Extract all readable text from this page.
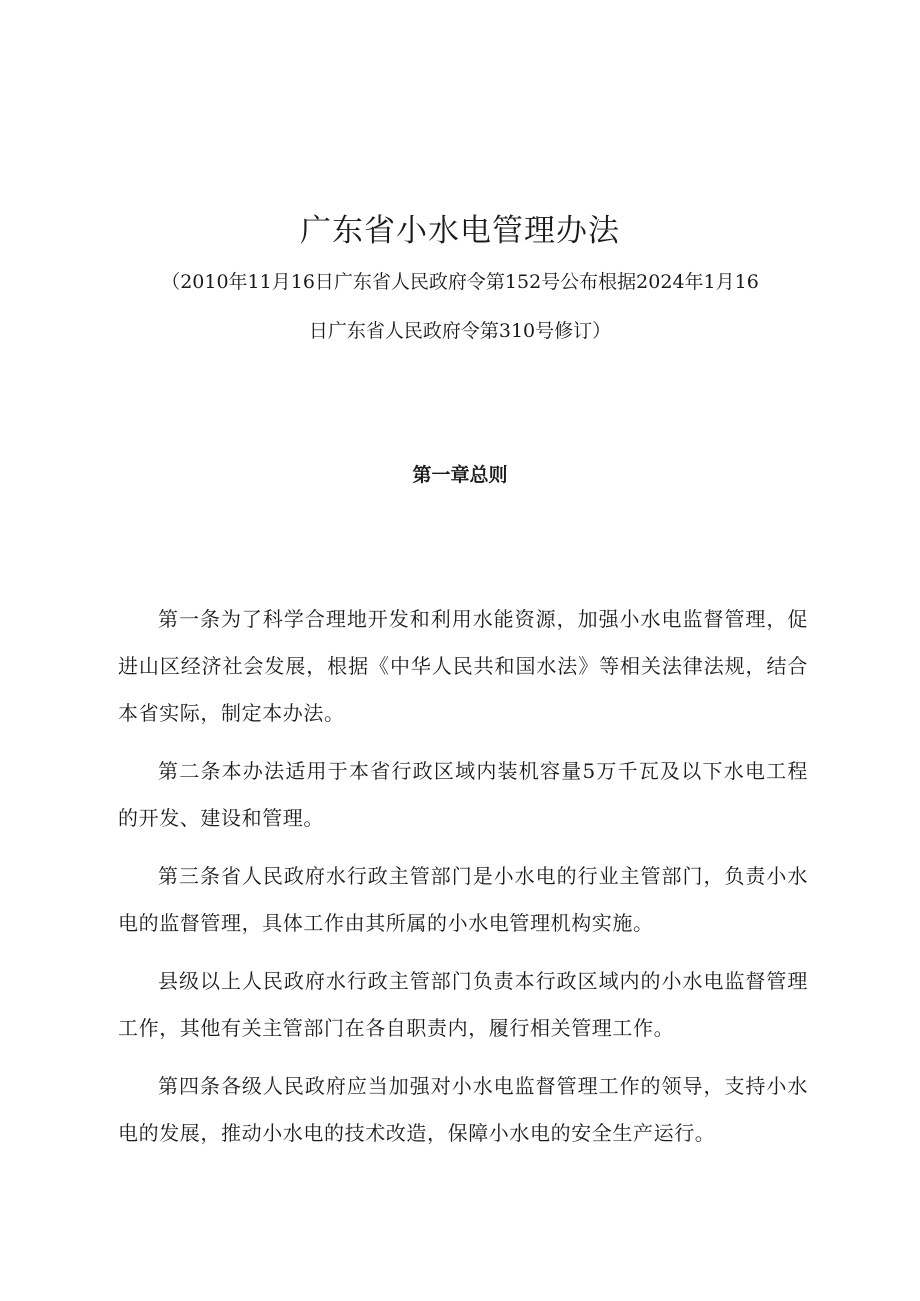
广东省小水电管理办法

（2010年11月16日广东省人民政府令第152号公布根据2024年1月16

日广东省人民政府令第310号修订）

第一章总则

第一条为了科学合理地开发和利用水能资源，加强小水电监督管理，促进山区经济社会发展，根据《中华人民共和国水法》等相关法律法规，结合本省实际，制定本办法。

第二条本办法适用于本省行政区域内装机容量5万千瓦及以下水电工程的开发、建设和管理。

第三条省人民政府水行政主管部门是小水电的行业主管部门，负责小水电的监督管理，具体工作由其所属的小水电管理机构实施。

县级以上人民政府水行政主管部门负责本行政区域内的小水电监督管理工作，其他有关主管部门在各自职责内，履行相关管理工作。

第四条各级人民政府应当加强对小水电监督管理工作的领导，支持小水电的发展，推动小水电的技术改造，保障小水电的安全生产运行。
